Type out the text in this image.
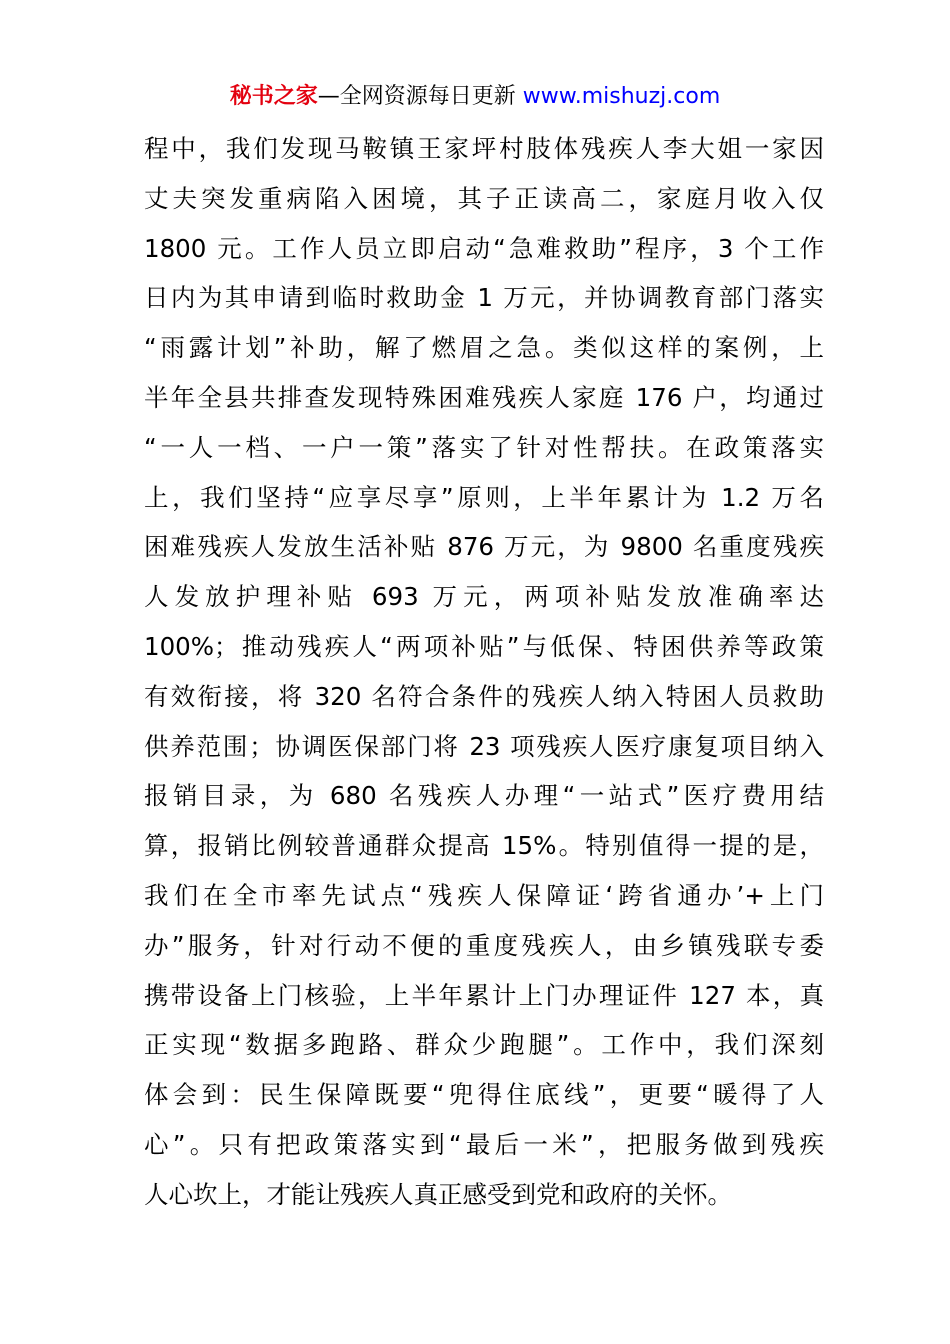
秘书之家—全网资源每日更新 www.mishuzj.com
程中，我们发现马鞍镇王家坪村肢体残疾人李大姐一家因
丈夫突发重病陷入困境，其子正读高二，家庭月收入仅
1800 元。工作人员立即启动“急难救助”程序，3 个工作
日内为其申请到临时救助金 1 万元，并协调教育部门落实
“雨露计划”补助，解了燃眉之急。类似这样的案例，上
半年全县共排查发现特殊困难残疾人家庭 176 户，均通过
“一人一档、一户一策”落实了针对性帮扶。在政策落实
上，我们坚持“应享尽享”原则，上半年累计为 1.2 万名
困难残疾人发放生活补贴 876 万元，为 9800 名重度残疾
人发放护理补贴 693 万元，两项补贴发放准确率达
100%；推动残疾人“两项补贴”与低保、特困供养等政策
有效衔接，将 320 名符合条件的残疾人纳入特困人员救助
供养范围；协调医保部门将 23 项残疾人医疗康复项目纳入
报销目录，为 680 名残疾人办理“一站式”医疗费用结
算，报销比例较普通群众提高 15%。特别值得一提的是，
我们在全市率先试点“残疾人保障证‘跨省通办’+上门
办”服务，针对行动不便的重度残疾人，由乡镇残联专委
携带设备上门核验，上半年累计上门办理证件 127 本，真
正实现“数据多跑路、群众少跑腿”。工作中，我们深刻
体会到：民生保障既要“兜得住底线”，更要“暖得了人
心”。只有把政策落实到“最后一米”，把服务做到残疾
人心坎上，才能让残疾人真正感受到党和政府的关怀。
